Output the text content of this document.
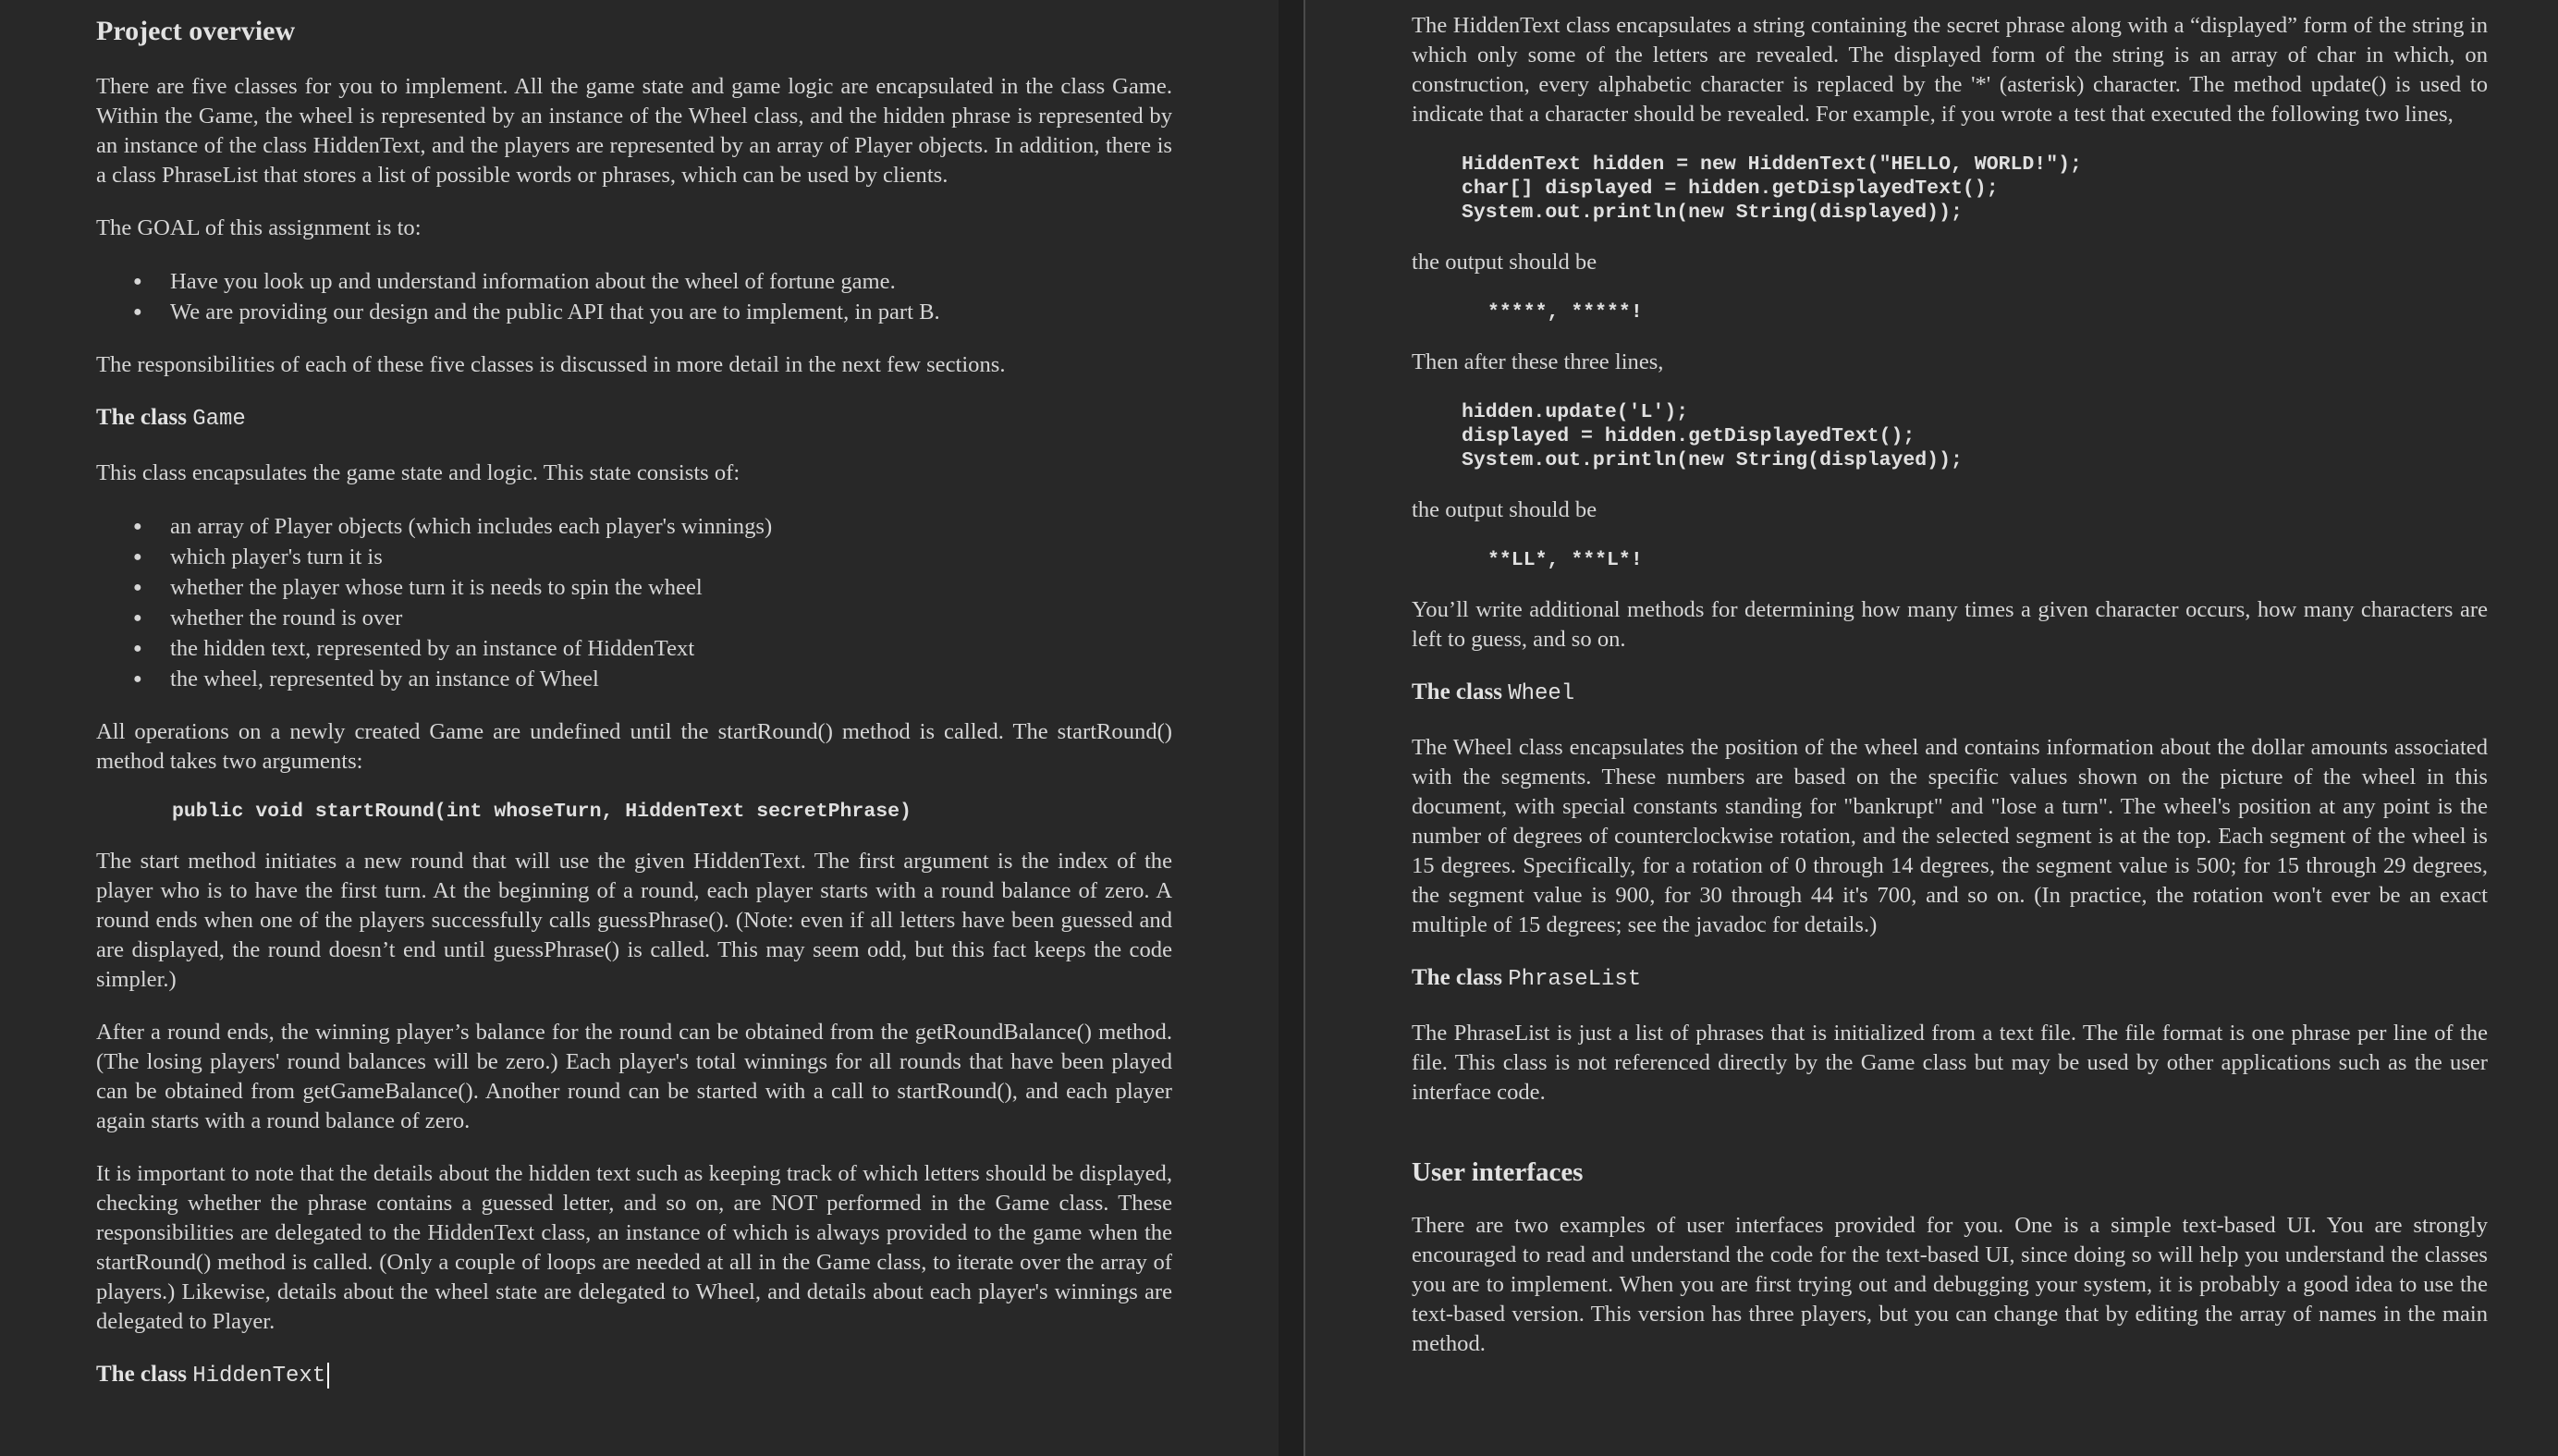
Project overview

There are five classes for you to implement. All the game state and game logic are encapsulated in the class Game. Within the Game, the wheel is represented by an instance of the Wheel class, and the hidden phrase is represented by an instance of the class HiddenText, and the players are represented by an array of Player objects. In addition, there is a class PhraseList that stores a list of possible words or phrases, which can be used by clients.

The GOAL of this assignment is to:

● Have you look up and understand information about the wheel of fortune game.
● We are providing our design and the public API that you are to implement, in part B.

The responsibilities of each of these five classes is discussed in more detail in the next few sections.

The class Game

This class encapsulates the game state and logic. This state consists of:

● an array of Player objects (which includes each player's winnings)
● which player's turn it is
● whether the player whose turn it is needs to spin the wheel
● whether the round is over
● the hidden text, represented by an instance of HiddenText
● the wheel, represented by an instance of Wheel

All operations on a newly created Game are undefined until the startRound() method is called. The startRound() method takes two arguments:

public void startRound(int whoseTurn, HiddenText secretPhrase)

The start method initiates a new round that will use the given HiddenText. The first argument is the index of the player who is to have the first turn. At the beginning of a round, each player starts with a round balance of zero. A round ends when one of the players successfully calls guessPhrase(). (Note: even if all letters have been guessed and are displayed, the round doesn’t end until guessPhrase() is called. This may seem odd, but this fact keeps the code simpler.)

After a round ends, the winning player’s balance for the round can be obtained from the getRoundBalance() method. (The losing players' round balances will be zero.) Each player's total winnings for all rounds that have been played can be obtained from getGameBalance(). Another round can be started with a call to startRound(), and each player again starts with a round balance of zero.

It is important to note that the details about the hidden text such as keeping track of which letters should be displayed, checking whether the phrase contains a guessed letter, and so on, are NOT performed in the Game class. These responsibilities are delegated to the HiddenText class, an instance of which is always provided to the game when the startRound() method is called. (Only a couple of loops are needed at all in the Game class, to iterate over the array of players.) Likewise, details about the wheel state are delegated to Wheel, and details about each player's winnings are delegated to Player.

The class HiddenText

The HiddenText class encapsulates a string containing the secret phrase along with a “displayed” form of the string in which only some of the letters are revealed. The displayed form of the string is an array of char in which, on construction, every alphabetic character is replaced by the '*' (asterisk) character. The method update() is used to indicate that a character should be revealed. For example, if you wrote a test that executed the following two lines,

HiddenText hidden = new HiddenText("HELLO, WORLD!");
char[] displayed = hidden.getDisplayedText();
System.out.println(new String(displayed));

the output should be

*****, *****!

Then after these three lines,

hidden.update('L');
displayed = hidden.getDisplayedText();
System.out.println(new String(displayed));

the output should be

**LL*, ***L*!

You’ll write additional methods for determining how many times a given character occurs, how many characters are left to guess, and so on.

The class Wheel

The Wheel class encapsulates the position of the wheel and contains information about the dollar amounts associated with the segments. These numbers are based on the specific values shown on the picture of the wheel in this document, with special constants standing for "bankrupt" and "lose a turn". The wheel's position at any point is the number of degrees of counterclockwise rotation, and the selected segment is at the top. Each segment of the wheel is 15 degrees. Specifically, for a rotation of 0 through 14 degrees, the segment value is 500; for 15 through 29 degrees, the segment value is 900, for 30 through 44 it's 700, and so on. (In practice, the rotation won't ever be an exact multiple of 15 degrees; see the javadoc for details.)

The class PhraseList

The PhraseList is just a list of phrases that is initialized from a text file. The file format is one phrase per line of the file. This class is not referenced directly by the Game class but may be used by other applications such as the user interface code.

User interfaces

There are two examples of user interfaces provided for you. One is a simple text-based UI. You are strongly encouraged to read and understand the code for the text-based UI, since doing so will help you understand the classes you are to implement. When you are first trying out and debugging your system, it is probably a good idea to use the text-based version. This version has three players, but you can change that by editing the array of names in the main method.
